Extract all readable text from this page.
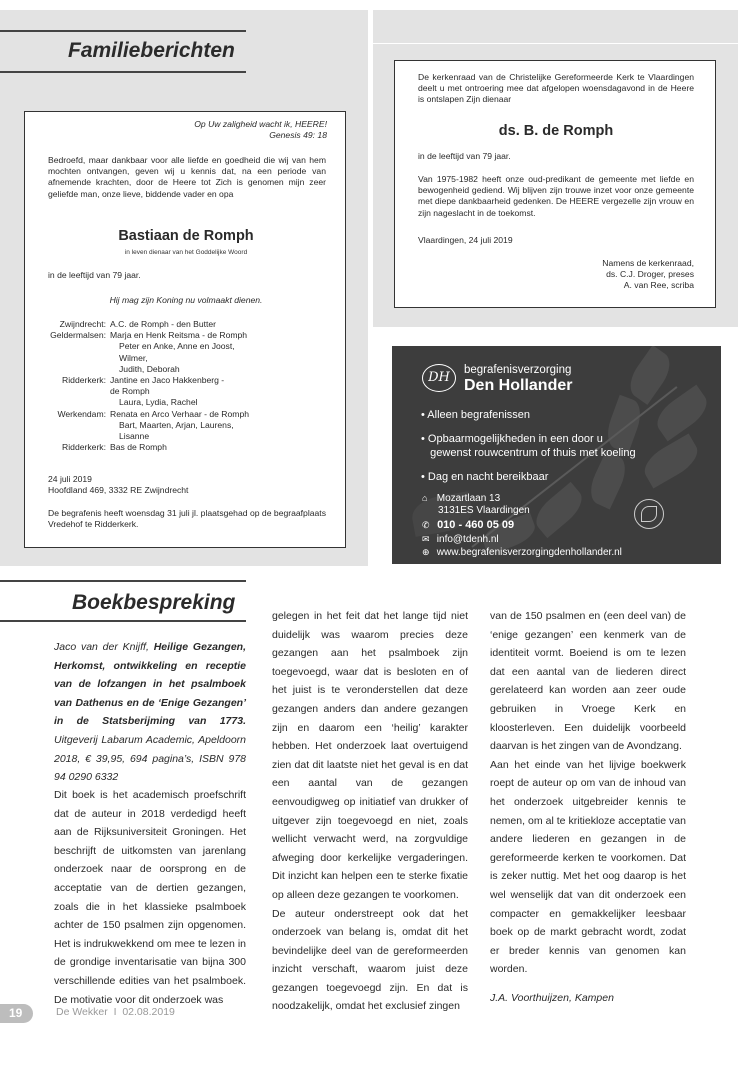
Familieberichten
Op Uw zaligheid wacht ik, HEERE!
Genesis 49: 18
Bedroefd, maar dankbaar voor alle liefde en goedheid die wij van hem mochten ontvangen, geven wij u kennis dat, na een periode van afnemende krachten, door de Heere tot Zich is genomen mijn zeer geliefde man, onze lieve, biddende vader en opa
Bastiaan de Romph
in leven dienaar van het Goddelijke Woord
in de leeftijd van 79 jaar.
Hij mag zijn Koning nu volmaakt dienen.
Zwijndrecht: A.C. de Romph - den Butter
Geldermalsen: Marja en Henk Reitsma - de Romph
Peter en Anke, Anne en Joost,
Wilmer,
Judith, Deborah
Ridderkerk: Jantine en Jaco Hakkenberg -
de Romph
Laura, Lydia, Rachel
Werkendam: Renata en Arco Verhaar - de Romph
Bart, Maarten, Arjan, Laurens,
Lisanne
Ridderkerk: Bas de Romph
24 juli 2019
Hoofdland 469, 3332 RE Zwijndrecht
De begrafenis heeft woensdag 31 juli jl. plaatsgehad op de begraafplaats Vredehof te Ridderkerk.
De kerkenraad van de Christelijke Gereformeerde Kerk te Vlaardingen deelt u met ontroering mee dat afgelopen woensdagavond in de Heere is ontslapen Zijn dienaar
ds. B. de Romph
in de leeftijd van 79 jaar.
Van 1975-1982 heeft onze oud-predikant de gemeente met liefde en bewogenheid gediend. Wij blijven zijn trouwe inzet voor onze gemeente met diepe dankbaarheid gedenken. De HEERE vergezelle zijn vrouw en zijn nageslacht in de toekomst.
Vlaardingen, 24 juli 2019
Namens de kerkenraad,
ds. C.J. Droger, preses
A. van Ree, scriba
DH	begrafenisverzorging
Den Hollander
• Alleen begrafenissen
• Opbaarmogelijkheden in een door u
gewenst rouwcentrum of thuis met koeling
• Dag en nacht bereikbaar
⌂ Mozartlaan 13
3131ES Vlaardingen
✆ 010 - 460 05 09
✉ info@tdenh.nl
⊕ www.begrafenisverzorgingdenhollander.nl
Boekbespreking
Jaco van der Knijff, Heilige Gezangen, Herkomst, ontwikkeling en receptie van de lofzangen in het psalmboek van Dathenus en de ‘Enige Gezangen’ in de Statsberijming van 1773. Uitgeverij Labarum Academic, Apeldoorn 2018, € 39,95, 694 pagina’s, ISBN 978 94 0290 6332
Dit boek is het academisch proefschrift dat de auteur in 2018 verdedigd heeft aan de Rijksuniversiteit Groningen. Het beschrijft de uitkomsten van jarenlang onderzoek naar de oorsprong en de acceptatie van de dertien gezangen, zoals die in het klassieke psalmboek achter de 150 psalmen zijn opgenomen. Het is indrukwekkend om mee te lezen in de grondige inventarisatie van bijna 300 verschillende edities van het psalmboek. De motivatie voor dit onderzoek was

gelegen in het feit dat het lange tijd niet duidelijk was waarom precies deze gezangen aan het psalmboek zijn toegevoegd, waar dat is besloten en of het juist is te veronderstellen dat deze gezangen anders dan andere gezangen zijn en daarom een ‘heilig’ karakter hebben. Het onderzoek laat overtuigend zien dat dit laatste niet het geval is en dat een aantal van de gezangen eenvoudigweg op initiatief van drukker of uitgever zijn toegevoegd en niet, zoals wellicht verwacht werd, na zorgvuldige afweging door kerkelijke vergaderingen. Dit inzicht kan helpen een te sterke fixatie op alleen deze gezangen te voorkomen.

De auteur onderstreept ook dat het onderzoek van belang is, omdat dit het bevindelijke deel van de gereformeerden inzicht verschaft, waarom juist deze gezangen toegevoegd zijn. En dat is noodzakelijk, omdat het exclusief zingen

van de 150 psalmen en (een deel van) de ‘enige gezangen’ een kenmerk van de identiteit vormt. Boeiend is om te lezen dat een aantal van de liederen direct gerelateerd kan worden aan zeer oude gebruiken in Vroege Kerk en kloosterleven. Een duidelijk voorbeeld daarvan is het zingen van de Avondzang.

Aan het einde van het lijvige boekwerk roept de auteur op om van de inhoud van het onderzoek uitgebreider kennis te nemen, om al te kritiekloze acceptatie van andere liederen en gezangen in de gereformeerde kerken te voorkomen. Dat is zeker nuttig. Met het oog daarop is het wel wenselijk dat van dit onderzoek een compacter en gemakkelijker leesbaar boek op de markt gebracht wordt, zodat er breder kennis van genomen kan worden.

J.A. Voorthuijzen, Kampen

19	De Wekker  I  02.08.2019
